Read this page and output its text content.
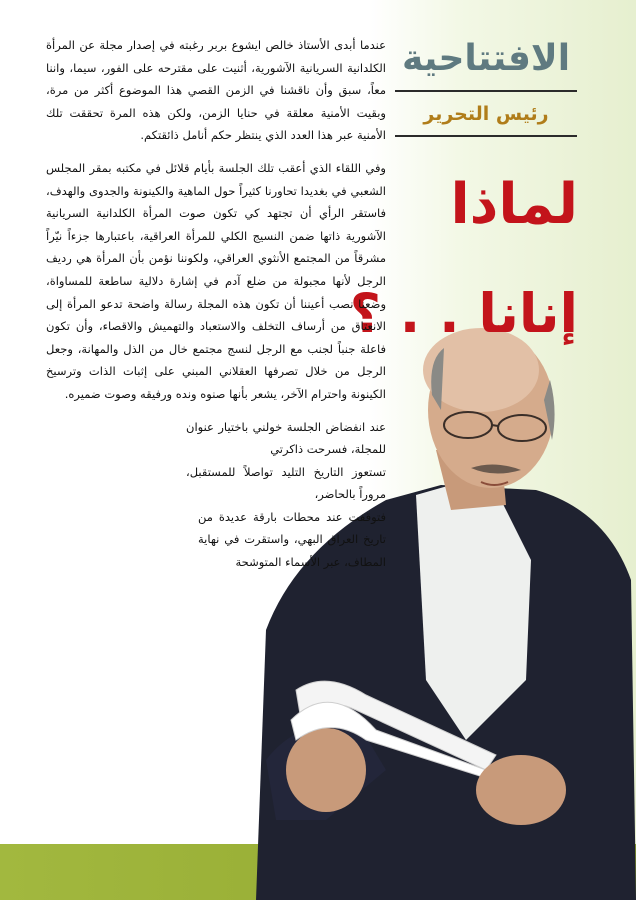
الافتتاحية
رئيس التحرير
لماذا
إنانا . . ؟

عندما أبدى الأستاذ خالص ايشوع بربر رغبته في إصدار مجلة عن المرأة الكلدانية السريانية الآشورية، أثنيت على مقترحه على الفور، سيما، واننا معاً، سبق وأن ناقشنا في الزمن القصي هذا الموضوع أكثر من مرة، وبقيت الأمنية معلقة في حنايا الزمن، ولكن هذه المرة تحققت تلك الأمنية عبر هذا العدد الذي ينتظر حكم أنامل ذائقتكم.

وفي اللقاء الذي أعقب تلك الجلسة بأيام قلائل في مكتبه بمقر المجلس الشعبي في بغديدا تحاورنا كثيراً حول الماهية والكينونة والجدوى والهدف، فاستقر الرأي أن تجتهد كي تكون صوت المرأة الكلدانية السريانية الآشورية ذاتها ضمن النسيج الكلي للمرأة العراقية، باعتبارها جزءاً نيّراً مشرقاً من المجتمع الأنثوي العراقي، ولكوننا نؤمن بأن المرأة هي رديف الرجل لأنها مجبولة من ضلع آدم في إشارة دلالية ساطعة للمساواة، وضعنا نصب أعيننا أن تكون هذه المجلة رسالة واضحة تدعو المرأة إلى الانعتاق من أرساف التخلف والاستعباد والتهميش والاقصاء، وأن تكون فاعلة جنباً لجنب مع الرجل لنسج مجتمع خال من الذل والمهانة، وجعل الرجل من خلال تصرفها العقلاني المبني على إثبات الذات وترسيخ الكينونة واحترام الآخر، يشعر بأنها صنوه ونده ورفيقه وصوت ضميره.

عند انفضاض الجلسة خولني باختيار عنوان للمجلة، فسرحت ذاكرتي

تستعوز التاريخ التليد تواصلاً للمستقبل، مروراً بالحاضر،

فتوقفت عند محطات بارقة عديدة من تاريخ العراق البهي، واستقرت في نهاية المطاف، عبر الأسماء المتوشحة
